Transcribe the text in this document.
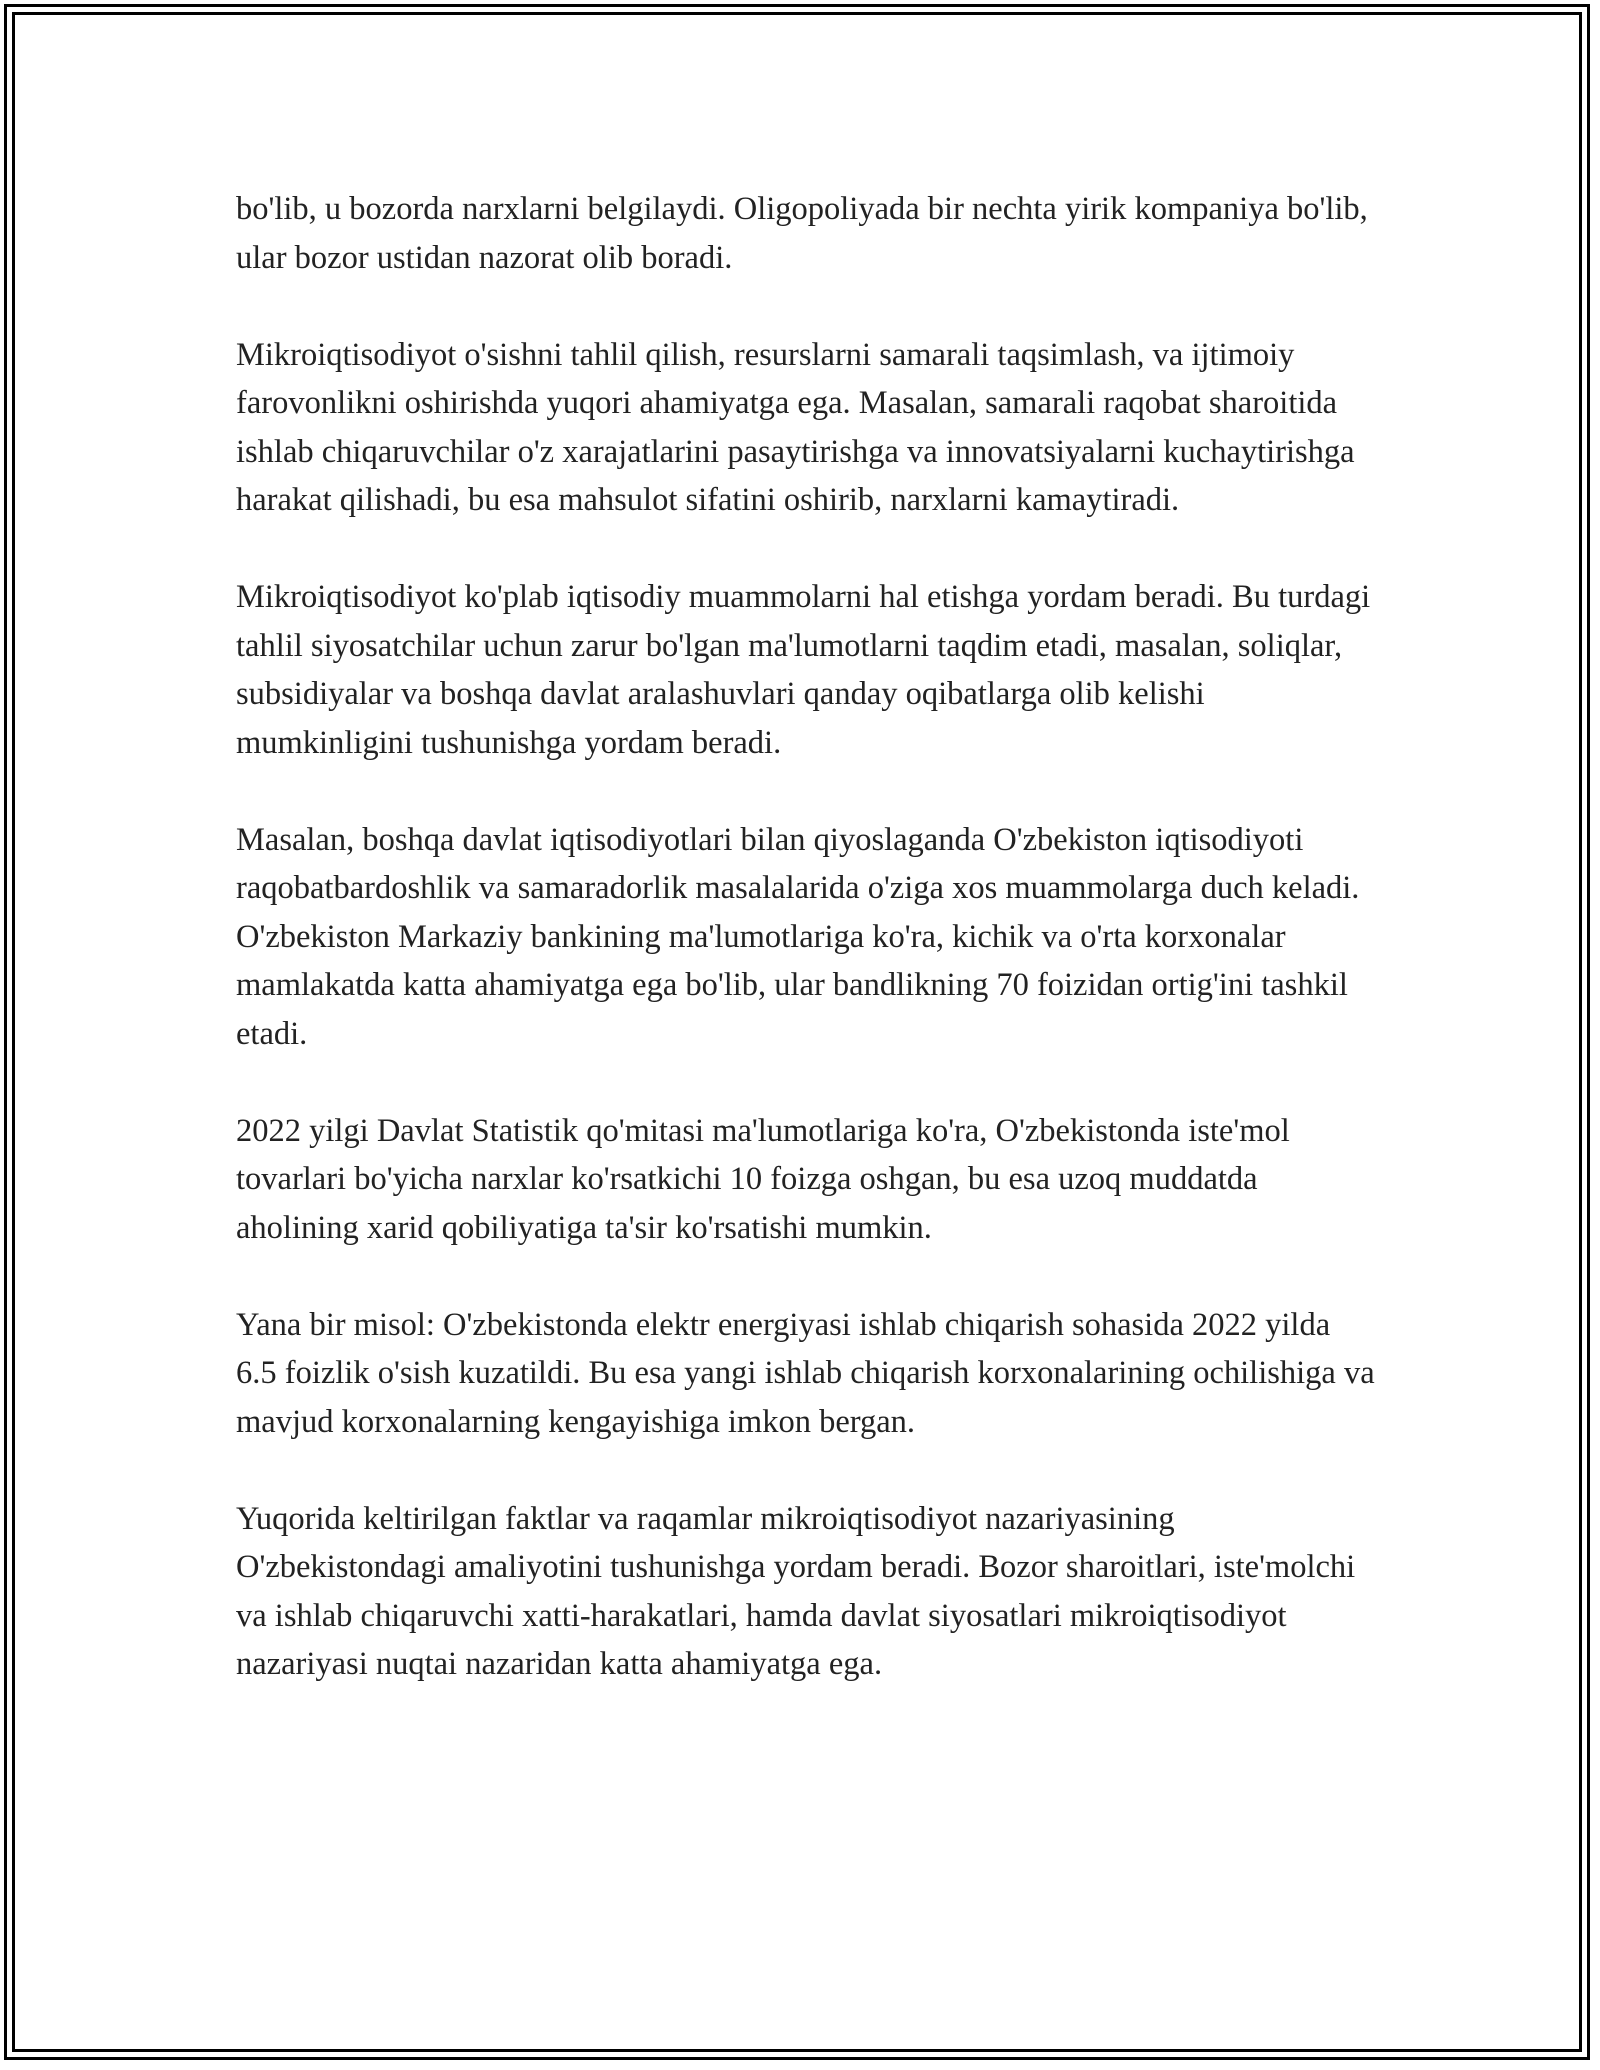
bo'lib, u bozorda narxlarni belgilaydi. Oligopoliyada bir nechta yirik kompaniya bo'lib, ular bozor ustidan nazorat olib boradi.

Mikroiqtisodiyot o'sishni tahlil qilish, resurslarni samarali taqsimlash, va ijtimoiy farovonlikni oshirishda yuqori ahamiyatga ega. Masalan, samarali raqobat sharoitida ishlab chiqaruvchilar o'z xarajatlarini pasaytirishga va innovatsiyalarni kuchaytirishga harakat qilishadi, bu esa mahsulot sifatini oshirib, narxlarni kamaytiradi.

Mikroiqtisodiyot ko'plab iqtisodiy muammolarni hal etishga yordam beradi. Bu turdagi tahlil siyosatchilar uchun zarur bo'lgan ma'lumotlarni taqdim etadi, masalan, soliqlar, subsidiyalar va boshqa davlat aralashuvlari qanday oqibatlarga olib kelishi mumkinligini tushunishga yordam beradi.

Masalan, boshqa davlat iqtisodiyotlari bilan qiyoslaganda O'zbekiston iqtisodiyoti raqobatbardoshlik va samaradorlik masalalarida o'ziga xos muammolarga duch keladi. O'zbekiston Markaziy bankining ma'lumotlariga ko'ra, kichik va o'rta korxonalar mamlakatda katta ahamiyatga ega bo'lib, ular bandlikning 70 foizidan ortig'ini tashkil etadi.

2022 yilgi Davlat Statistik qo'mitasi ma'lumotlariga ko'ra, O'zbekistonda iste'mol tovarlari bo'yicha narxlar ko'rsatkichi 10 foizga oshgan, bu esa uzoq muddatda aholining xarid qobiliyatiga ta'sir ko'rsatishi mumkin.

Yana bir misol: O'zbekistonda elektr energiyasi ishlab chiqarish sohasida 2022 yilda 6.5 foizlik o'sish kuzatildi. Bu esa yangi ishlab chiqarish korxonalarining ochilishiga va mavjud korxonalarning kengayishiga imkon bergan.

Yuqorida keltirilgan faktlar va raqamlar mikroiqtisodiyot nazariyasining O'zbekistondagi amaliyotini tushunishga yordam beradi. Bozor sharoitlari, iste'molchi va ishlab chiqaruvchi xatti-harakatlari, hamda davlat siyosatlari mikroiqtisodiyot nazariyasi nuqtai nazaridan katta ahamiyatga ega.
